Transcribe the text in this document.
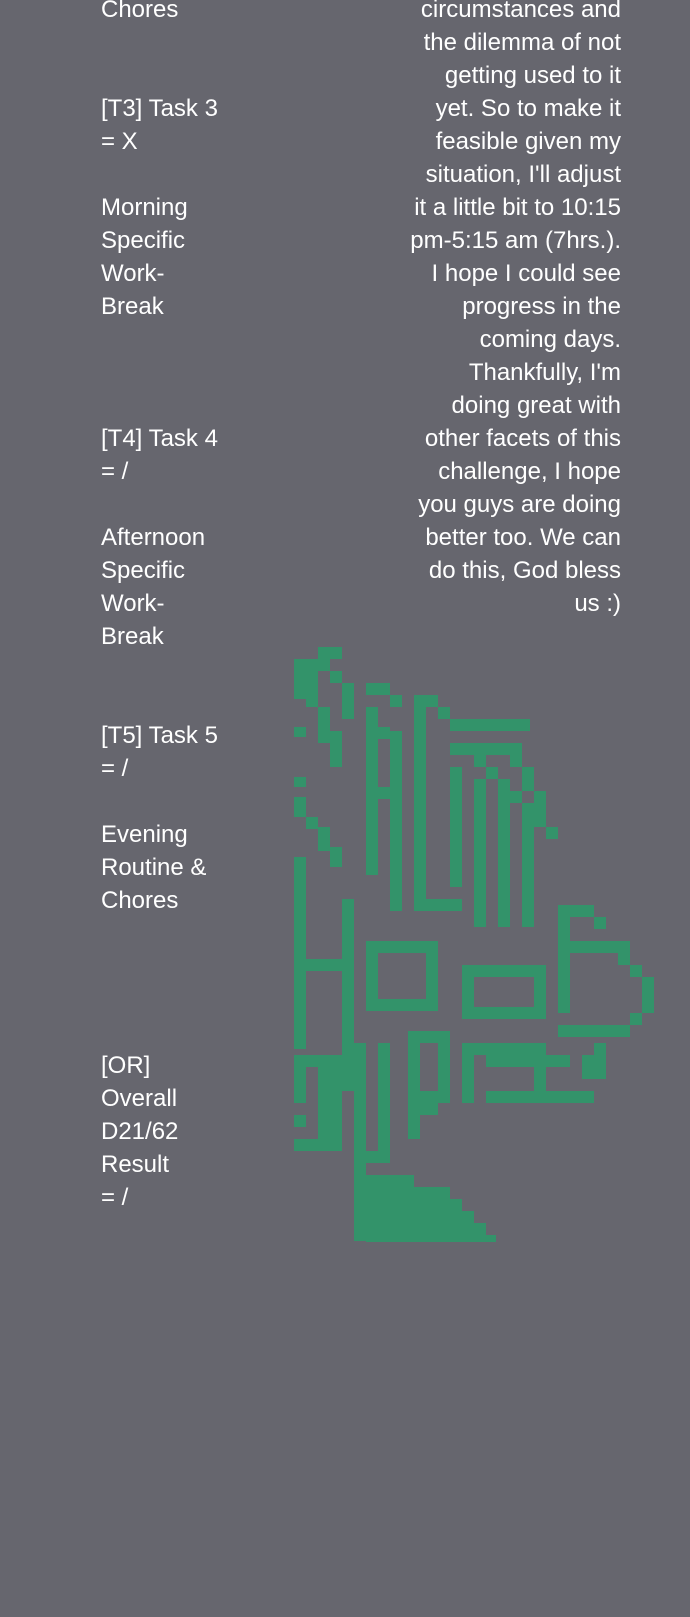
Chores
[T3] Task 3
= X
Morning
Specific
Work-
Break
[T4] Task 4
= /
Afternoon
Specific
Work-
Break
[T5] Task 5
= /
Evening
Routine &
Chores
[OR]
Overall
D21/62
Result
= /
circumstances and
the dilemma of not
getting used to it
yet. So to make it
feasible given my
situation, I'll adjust
it a little bit to 10:15
pm-5:15 am (7hrs.).
I hope I could see
progress in the
coming days.
Thankfully, I'm
doing great with
other facets of this
challenge, I hope
you guys are doing
better too. We can
do this, God bless
us :)
